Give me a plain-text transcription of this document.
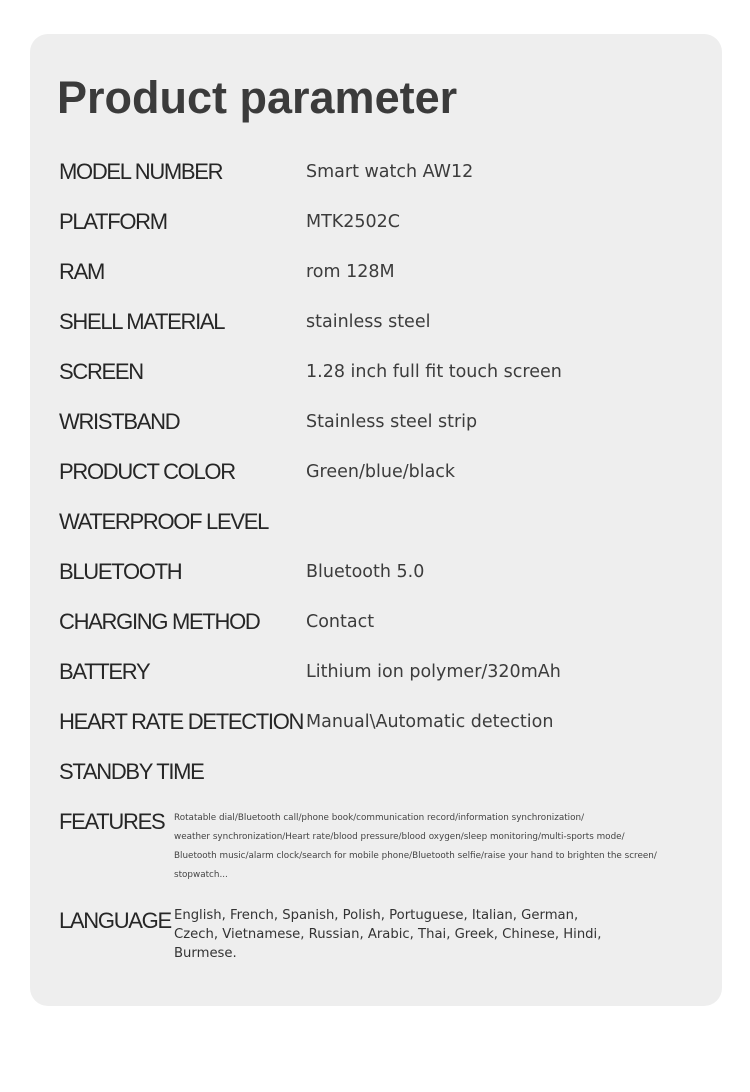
Product parameter
MODEL NUMBER	Smart watch AW12
PLATFORM	MTK2502C
RAM	rom 128M
SHELL MATERIAL	stainless steel
SCREEN	1.28 inch full fit touch screen
WRISTBAND	Stainless steel strip
PRODUCT COLOR	Green/blue/black
WATERPROOF LEVEL
BLUETOOTH	Bluetooth 5.0
CHARGING METHOD	Contact
BATTERY	Lithium ion polymer/320mAh
HEART RATE DETECTION Manual\Automatic detection
STANDBY TIME
FEATURES Rotatable dial/Bluetooth call/phone book/communication record/information synchronization/
weather synchronization/Heart rate/blood pressure/blood oxygen/sleep monitoring/multi-sports mode/
Bluetooth music/alarm clock/search for mobile phone/Bluetooth selfie/raise your hand to brighten the screen/
stopwatch...
LANGUAGE English, French, Spanish, Polish, Portuguese, Italian, German,
Czech, Vietnamese, Russian, Arabic, Thai, Greek, Chinese, Hindi,
Burmese.
